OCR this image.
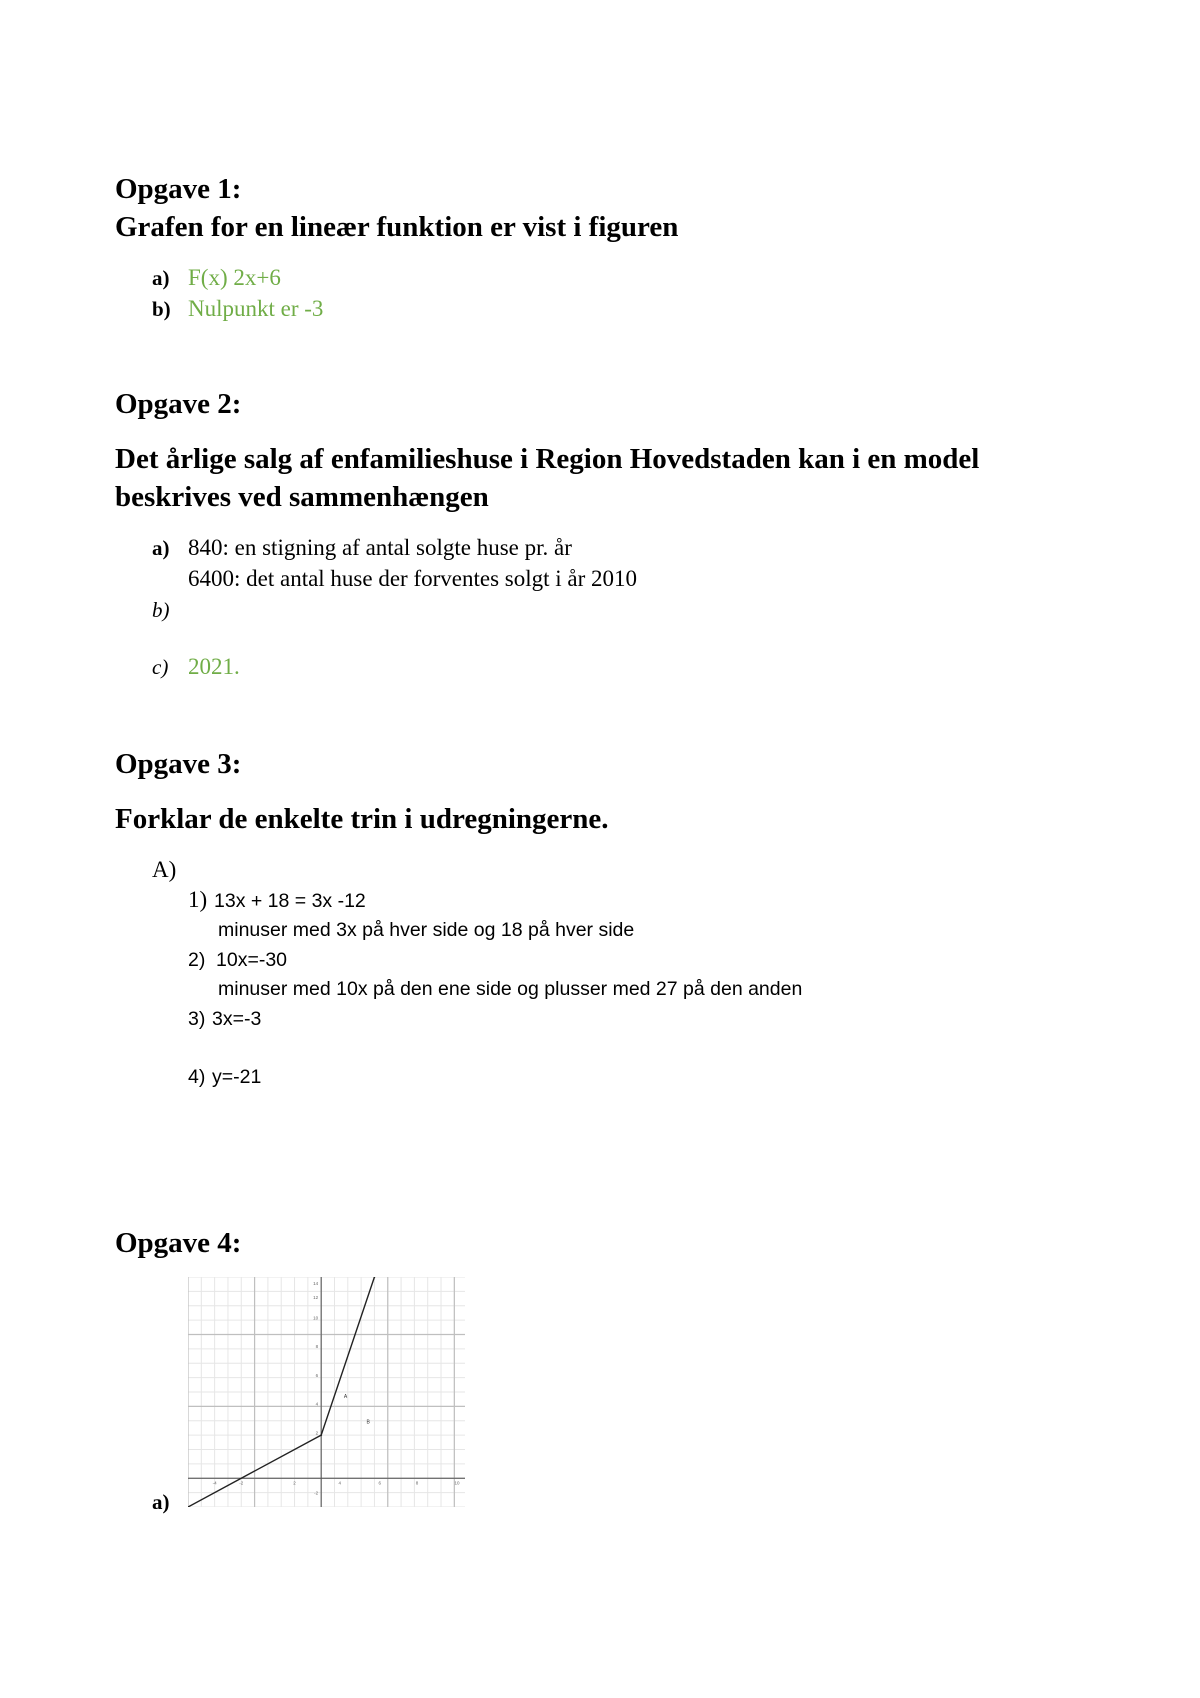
Opgave 1:
Grafen for en lineær funktion er vist i figuren
a) F(x) 2x+6
b) Nulpunkt er -3
Opgave 2:
Det årlige salg af enfamilieshuse i Region Hovedstaden kan i en model
beskrives ved sammenhængen
a) 840: en stigning af antal solgte huse pr. år
6400: det antal huse der forventes solgt i år 2010
b)
c) 2021.
Opgave 3:
Forklar de enkelte trin i udregningerne.
A)
1) 13x + 18 = 3x -12
minuser med 3x på hver side og 18 på hver side
2) 10x=-30
minuser med 10x på den ene side og plusser med 27 på den anden
3) 3x=-3
4) y=-21
Opgave 4:
a)
-4	-2	2	4	6	8	10
-2
2
4
6
8
10
12
14
A
B
